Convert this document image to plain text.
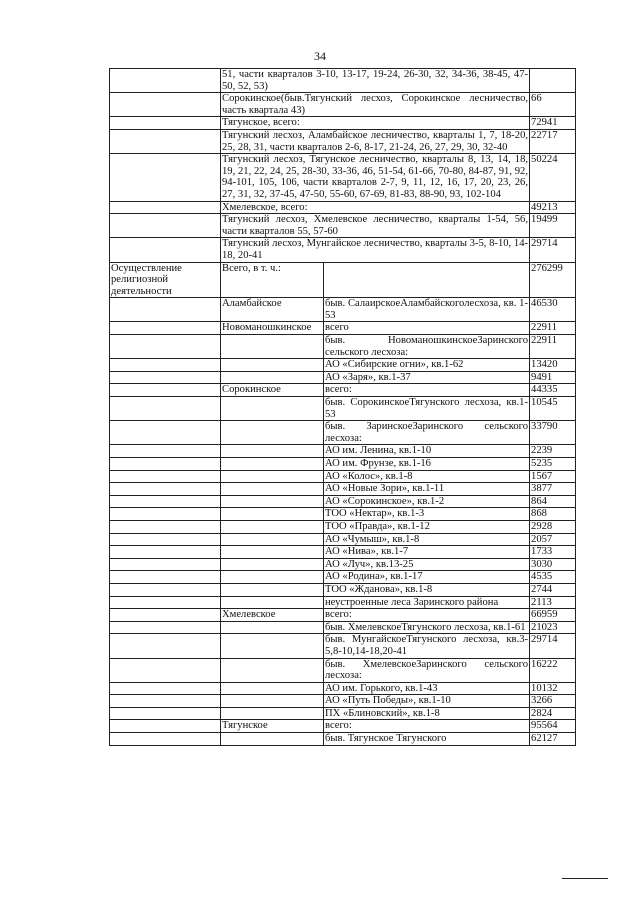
34
	51, части кварталов 3-10, 13-17, 19-24, 26-30, 32, 34-36, 38-45, 47-50, 52, 53)		
	Сорокинское(быв.Тягунский лесхоз, Сорокинское лесничество, часть квартала 43)		66
	Тягунское, всего:		72941
	Тягунский лесхоз, Аламбайское лесничество, кварталы 1, 7, 18-20, 25, 28, 31, части кварталов 2-6, 8-17, 21-24, 26, 27, 29, 30, 32-40		22717
	Тягунский лесхоз, Тягунское лесничество, кварталы 8, 13, 14, 18, 19, 21, 22, 24, 25, 28-30, 33-36, 46, 51-54, 61-66, 70-80, 84-87, 91, 92, 94-101, 105, 106, части кварталов 2-7, 9, 11, 12, 16, 17, 20, 23, 26, 27, 31, 32, 37-45, 47-50, 55-60, 67-69, 81-83, 88-90, 93, 102-104		50224
	Хмелевское, всего:		49213
	Тягунский лесхоз, Хмелевское лесничество, кварталы 1-54, 56, части кварталов 55, 57-60		19499
	Тягунский лесхоз, Мунгайское лесничество, кварталы 3-5, 8-10, 14-18, 20-41		29714
Осуществление религиозной деятельности	Всего, в т. ч.:		276299
	Аламбайское	быв. СалаирскоеАламбайскоголесхоза, кв. 1-53	46530
	Новоманошкинское	всего	22911
		быв. НовоманошкинскоеЗаринского сельского лесхоза:	22911
		АО «Сибирские огни», кв.1-62	13420
		АО «Заря», кв.1-37	9491
	Сорокинское	всего:	44335
		быв. СорокинскоеТягунского лесхоза, кв.1-53	10545
		быв. ЗаринскоеЗаринского сельского лесхоза:	33790
		АО им. Ленина, кв.1-10	2239
		АО им. Фрунзе, кв.1-16	5235
		АО «Колос», кв.1-8	1567
		АО «Новые Зори», кв.1-11	3877
		АО «Сорокинское», кв.1-2	864
		ТОО «Нектар», кв.1-3	868
		ТОО «Правда», кв.1-12	2928
		АО «Чумыш», кв.1-8	2057
		АО «Нива», кв.1-7	1733
		АО «Луч», кв.13-25	3030
		АО «Родина», кв.1-17	4535
		ТОО «Жданова», кв.1-8	2744
		неустроенные леса Заринского района	2113
	Хмелевское	всего:	66959
		быв. ХмелевскоеТягунского лесхоза, кв.1-61	21023
		быв. МунгайскоеТягунского лесхоза, кв.3-5,8-10,14-18,20-41	29714
		быв. ХмелевскоеЗаринского сельского лесхоза:	16222
		АО им. Горького, кв.1-43	10132
		АО «Путь Победы», кв.1-10	3266
		ПХ «Блиновский», кв.1-8	2824
	Тягунское	всего:	95564
		быв. Тягунское Тягунского	62127
